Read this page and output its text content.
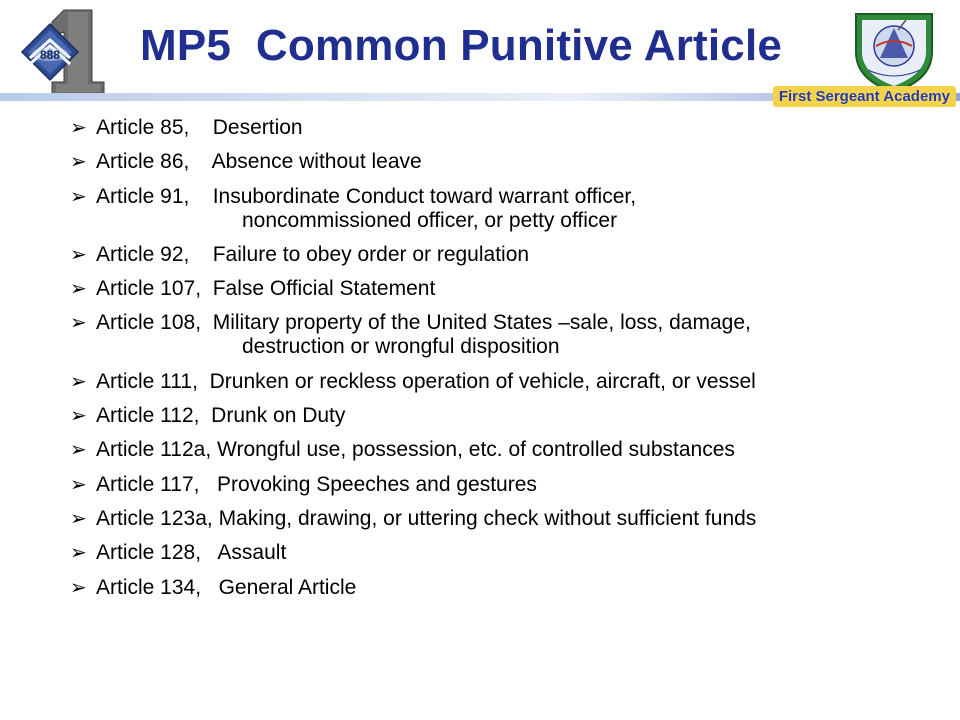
888 MP5  Common Punitive Article
First Sergeant Academy
➢ Article 85, Desertion
➢ Article 86, Absence without leave
➢ Article 91, Insubordinate Conduct toward warrant officer,
noncommissioned officer, or petty officer
➢ Article 92, Failure to obey order or regulation
➢ Article 107, False Official Statement
➢ Article 108, Military property of the United States –sale, loss, damage,
destruction or wrongful disposition
➢ Article 111, Drunken or reckless operation of vehicle, aircraft, or vessel
➢ Article 112, Drunk on Duty
➢ Article 112a, Wrongful use, possession, etc. of controlled substances
➢ Article 117, Provoking Speeches and gestures
➢ Article 123a, Making, drawing, or uttering check without sufficient funds
➢ Article 128, Assault
➢ Article 134, General Article
